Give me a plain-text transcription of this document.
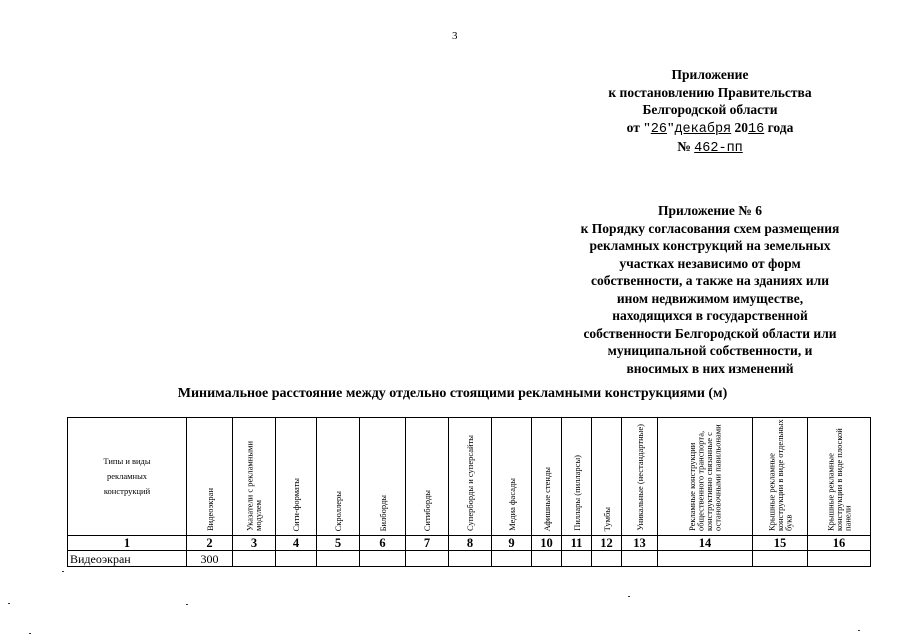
3
Приложение
к постановлению Правительства
Белгородской области
от "26"декабря 2016 года
№ 462-пп
Приложение № 6
к Порядку согласования схем размещения
рекламных конструкций на земельных
участках независимо от форм
собственности, а также на зданиях или
ином недвижимом имуществе,
находящихся в государственной
собственности Белгородской области или
муниципальной собственности, и
вносимых в них изменений
Минимальное расстояние между отдельно стоящими рекламными конструкциями (м)
Типы и виды
рекламных
конструкций	Видеоэкран	Указатели с рекламными модулем	Сити-форматы	Скроллеры	Билборды	Ситиборды	Суперборды и суперсайты	Медиа фасады	Афишные стенды	Пиллары (пилларсы)	Тумбы	Уникальные (нестандартные)	Рекламные конструкции общественного транспорта, конструктивно связанные с остановочными павильонами	Крышные рекламные конструкции в виде отдельных букв	Крышные рекламные конструкции в виде плоской панели

1	2	3	4	5	6	7	8	9	10	11	12	13	14	15	16
Видеоэкран	300														
